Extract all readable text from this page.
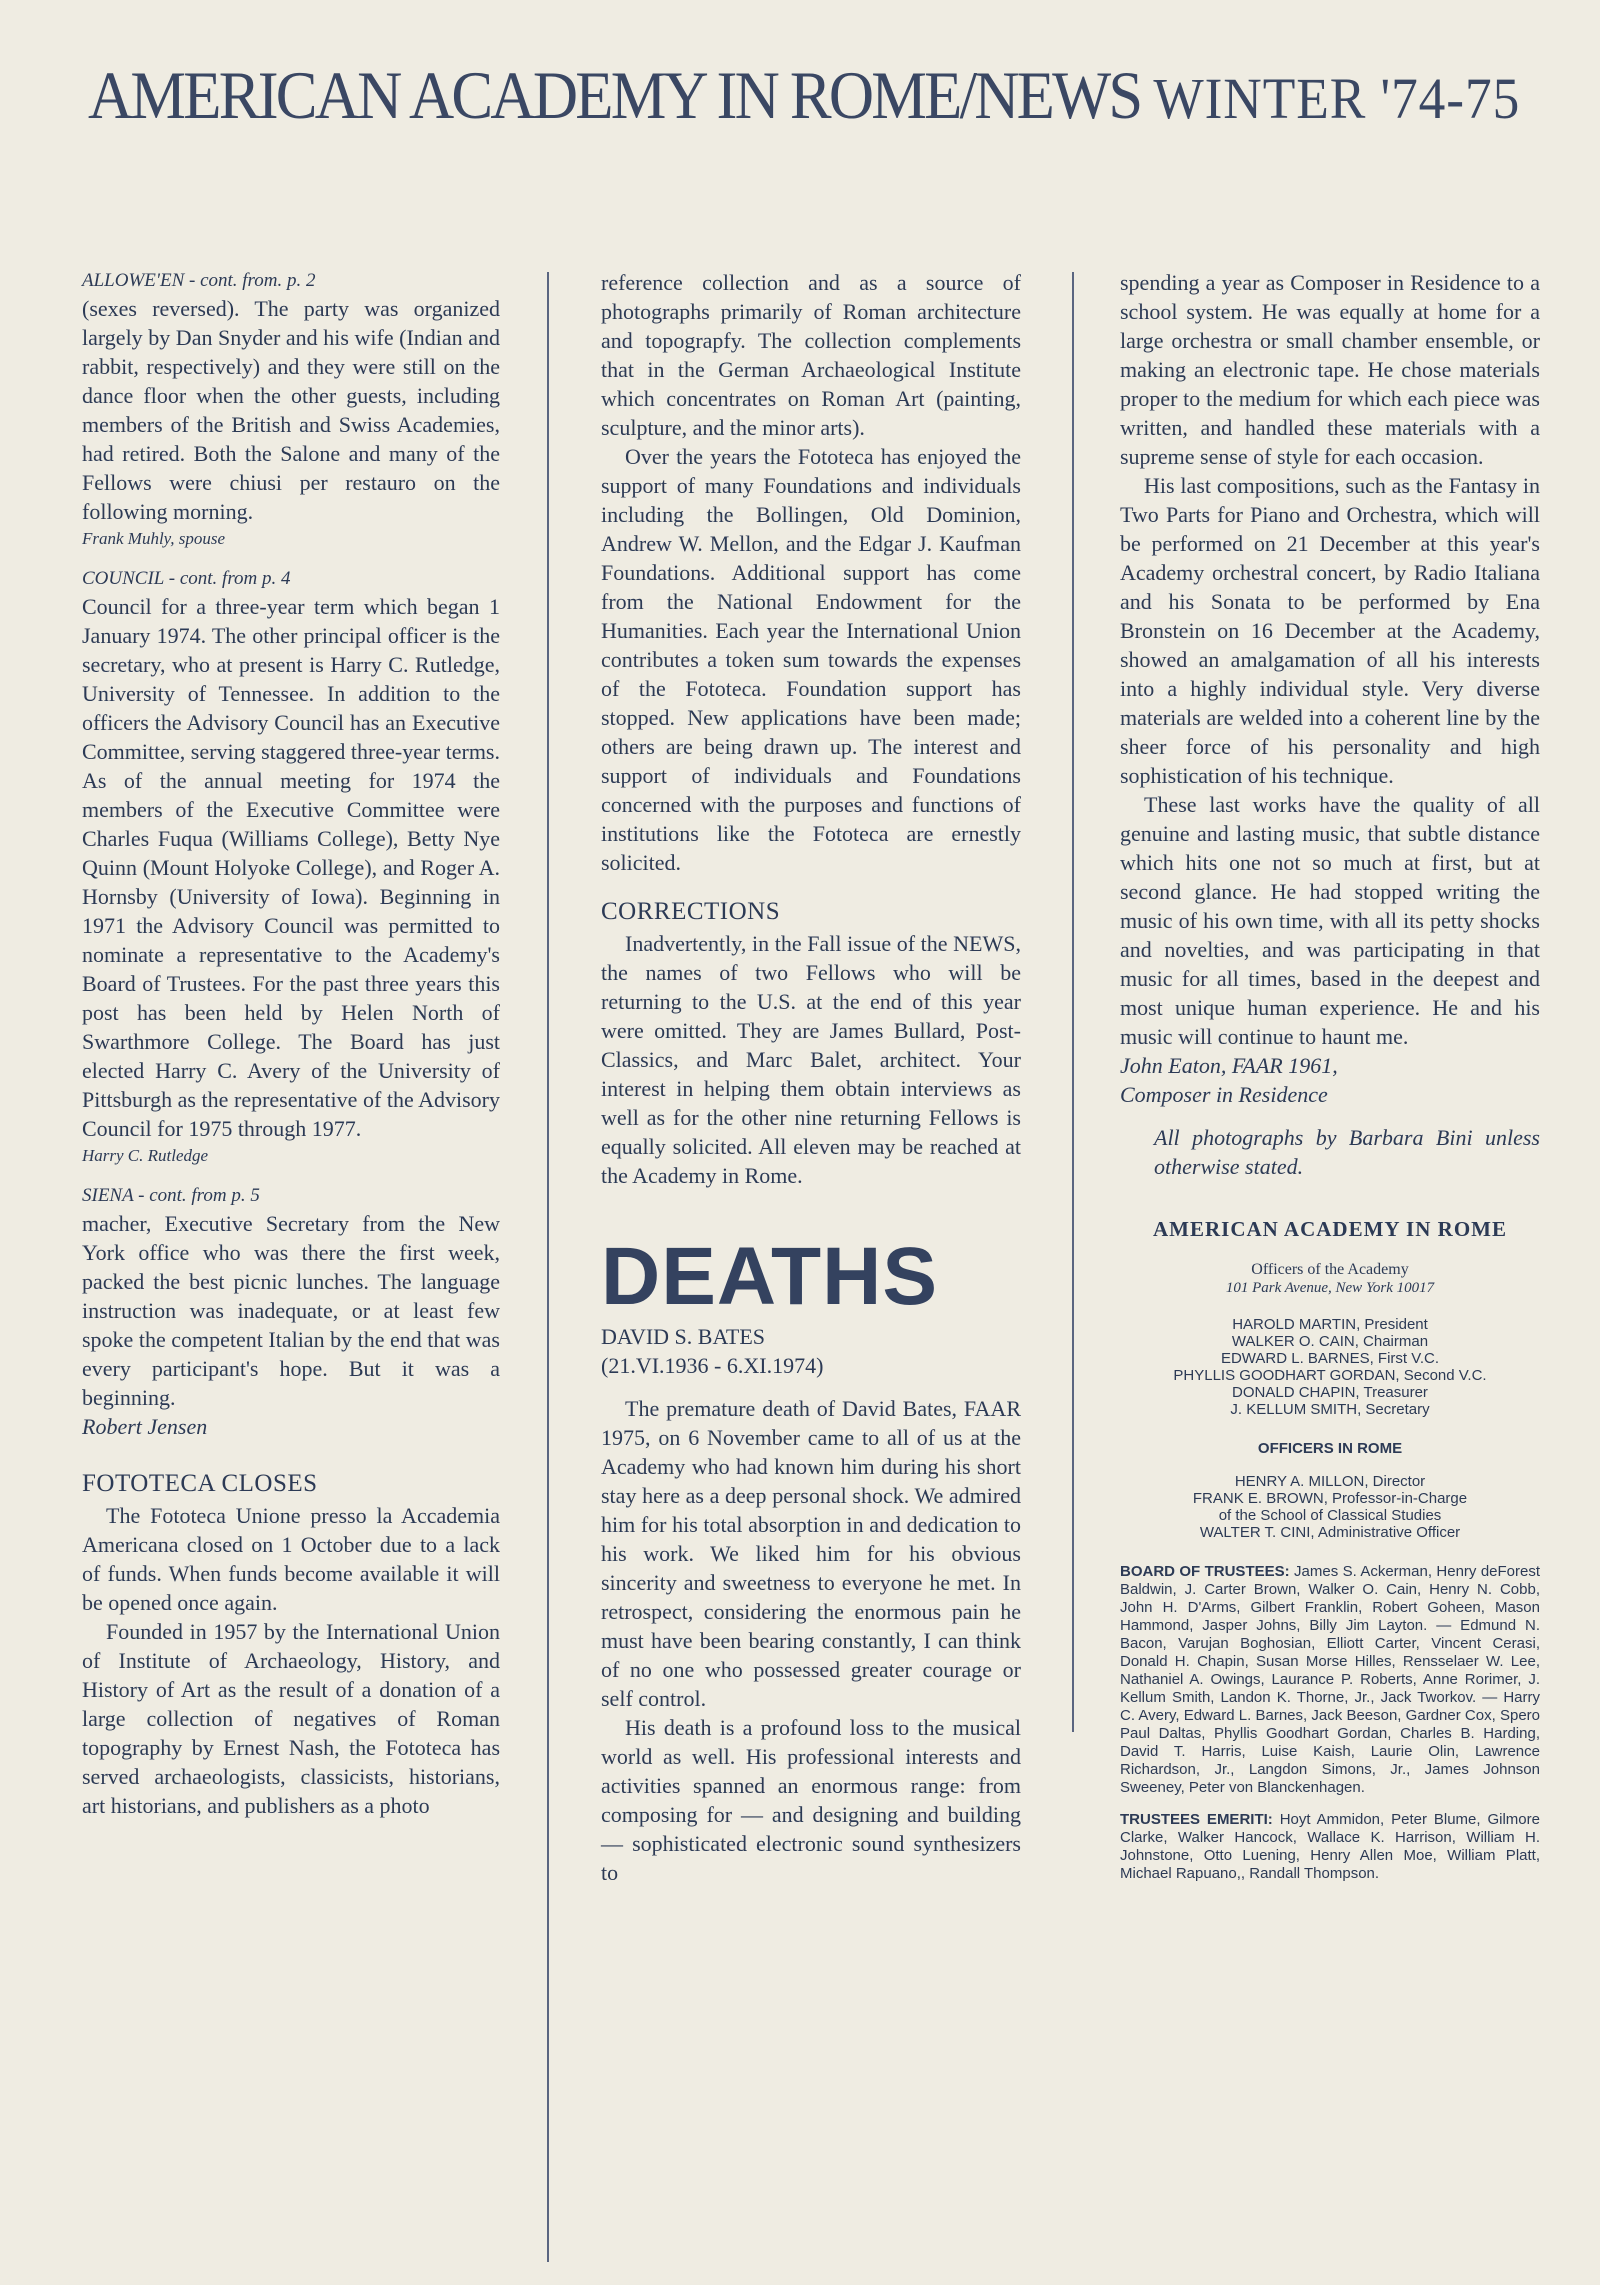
AMERICAN ACADEMY IN ROME/NEWS WINTER '74-75

ALLOWE'EN - cont. from. p. 2

(sexes reversed). The party was organized largely by Dan Snyder and his wife (Indian and rabbit, respectively) and they were still on the dance floor when the other guests, including members of the British and Swiss Academies, had retired. Both the Salone and many of the Fellows were chiusi per restauro on the following morning.

Frank Muhly, spouse

COUNCIL - cont. from p. 4

Council for a three-year term which began 1 January 1974. The other principal officer is the secretary, who at present is Harry C. Rutledge, University of Tennessee. In addition to the officers the Advisory Council has an Executive Committee, serving staggered three-year terms. As of the annual meeting for 1974 the members of the Executive Committee were Charles Fuqua (Williams College), Betty Nye Quinn (Mount Holyoke College), and Roger A. Hornsby (University of Iowa). Beginning in 1971 the Advisory Council was permitted to nominate a representative to the Academy's Board of Trustees. For the past three years this post has been held by Helen North of Swarthmore College. The Board has just elected Harry C. Avery of the University of Pittsburgh as the representative of the Advisory Council for 1975 through 1977.

Harry C. Rutledge

SIENA - cont. from p. 5

macher, Executive Secretary from the New York office who was there the first week, packed the best picnic lunches. The language instruction was inadequate, or at least few spoke the competent Italian by the end that was every participant's hope. But it was a beginning.

Robert Jensen

FOTOTECA CLOSES

The Fototeca Unione presso la Accademia Americana closed on 1 October due to a lack of funds. When funds become available it will be opened once again.

Founded in 1957 by the International Union of Institute of Archaeology, History, and History of Art as the result of a donation of a large collection of negatives of Roman topography by Ernest Nash, the Fototeca has served archaeologists, classicists, historians, art historians, and publishers as a photo

reference collection and as a source of photographs primarily of Roman architecture and topograpfy. The collection complements that in the German Archaeological Institute which concentrates on Roman Art (painting, sculpture, and the minor arts).

Over the years the Fototeca has enjoyed the support of many Foundations and individuals including the Bollingen, Old Dominion, Andrew W. Mellon, and the Edgar J. Kaufman Foundations. Additional support has come from the National Endowment for the Humanities. Each year the International Union contributes a token sum towards the expenses of the Fototeca. Foundation support has stopped. New applications have been made; others are being drawn up. The interest and support of individuals and Foundations concerned with the purposes and functions of institutions like the Fototeca are ernestly solicited.

CORRECTIONS

Inadvertently, in the Fall issue of the NEWS, the names of two Fellows who will be returning to the U.S. at the end of this year were omitted. They are James Bullard, Post-Classics, and Marc Balet, architect. Your interest in helping them obtain interviews as well as for the other nine returning Fellows is equally solicited. All eleven may be reached at the Academy in Rome.

DEATHS
DAVID S. BATES
(21.VI.1936 - 6.XI.1974)

The premature death of David Bates, FAAR 1975, on 6 November came to all of us at the Academy who had known him during his short stay here as a deep personal shock. We admired him for his total absorption in and dedication to his work. We liked him for his obvious sincerity and sweetness to everyone he met. In retrospect, considering the enormous pain he must have been bearing constantly, I can think of no one who possessed greater courage or self control.

His death is a profound loss to the musical world as well. His professional interests and activities spanned an enormous range: from composing for — and designing and building — sophisticated electronic sound synthesizers to

spending a year as Composer in Residence to a school system. He was equally at home for a large orchestra or small chamber ensemble, or making an electronic tape. He chose materials proper to the medium for which each piece was written, and handled these materials with a supreme sense of style for each occasion.

His last compositions, such as the Fantasy in Two Parts for Piano and Orchestra, which will be performed on 21 December at this year's Academy orchestral concert, by Radio Italiana and his Sonata to be performed by Ena Bronstein on 16 December at the Academy, showed an amalgamation of all his interests into a highly individual style. Very diverse materials are welded into a coherent line by the sheer force of his personality and high sophistication of his technique.

These last works have the quality of all genuine and lasting music, that subtle distance which hits one not so much at first, but at second glance. He had stopped writing the music of his own time, with all its petty shocks and novelties, and was participating in that music for all times, based in the deepest and most unique human experience. He and his music will continue to haunt me.

John Eaton, FAAR 1961,

Composer in Residence

All photographs by Barbara Bini unless otherwise stated.

AMERICAN ACADEMY IN ROME
Officers of the Academy
101 Park Avenue, New York 10017
HAROLD MARTIN, President
WALKER O. CAIN, Chairman
EDWARD L. BARNES, First V.C.
PHYLLIS GOODHART GORDAN, Second V.C.
DONALD CHAPIN, Treasurer
J. KELLUM SMITH, Secretary
OFFICERS IN ROME
HENRY A. MILLON, Director
FRANK E. BROWN, Professor-in-Charge
of the School of Classical Studies
WALTER T. CINI, Administrative Officer
BOARD OF TRUSTEES: James S. Ackerman, Henry deForest Baldwin, J. Carter Brown, Walker O. Cain, Henry N. Cobb, John H. D'Arms, Gilbert Franklin, Robert Goheen, Mason Hammond, Jasper Johns, Billy Jim Layton. — Edmund N. Bacon, Varujan Boghosian, Elliott Carter, Vincent Cerasi, Donald H. Chapin, Susan Morse Hilles, Rensselaer W. Lee, Nathaniel A. Owings, Laurance P. Roberts, Anne Rorimer, J. Kellum Smith, Landon K. Thorne, Jr., Jack Tworkov. — Harry C. Avery, Edward L. Barnes, Jack Beeson, Gardner Cox, Spero Paul Daltas, Phyllis Goodhart Gordan, Charles B. Harding, David T. Harris, Luise Kaish, Laurie Olin, Lawrence Richardson, Jr., Langdon Simons, Jr., James Johnson Sweeney, Peter von Blanckenhagen.
TRUSTEES EMERITI: Hoyt Ammidon, Peter Blume, Gilmore Clarke, Walker Hancock, Wallace K. Harrison, William H. Johnstone, Otto Luening, Henry Allen Moe, William Platt, Michael Rapuano,, Randall Thompson.
